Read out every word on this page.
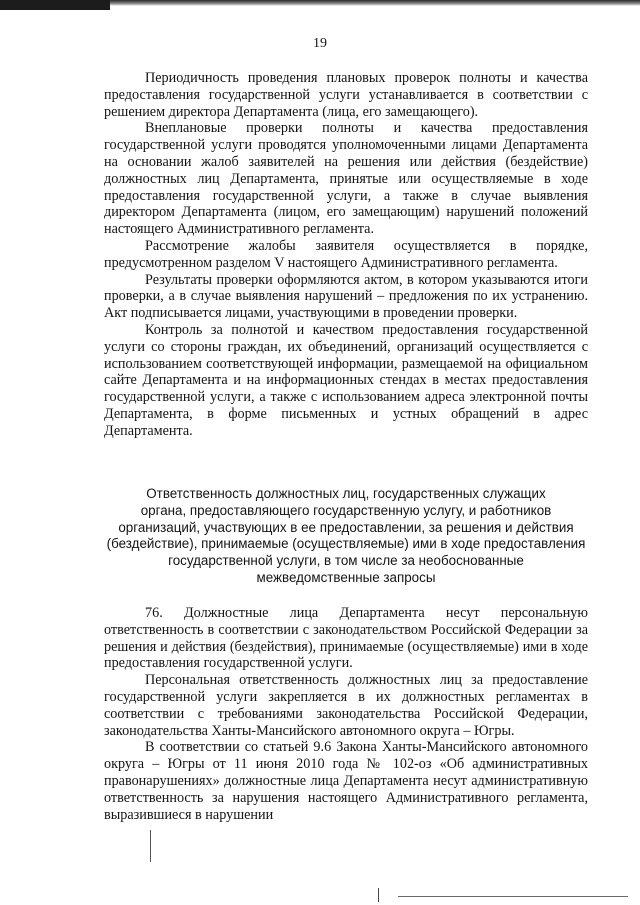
19

Периодичность проведения плановых проверок полноты и качества предоставления государственной услуги устанавливается в соответствии с решением директора Департамента (лица, его замещающего).

Внеплановые проверки полноты и качества предоставления государственной услуги проводятся уполномоченными лицами Департамента на основании жалоб заявителей на решения или действия (бездействие) должностных лиц Департамента, принятые или осуществляемые в ходе предоставления государственной услуги, а также в случае выявления директором Департамента (лицом, его замещающим) нарушений положений настоящего Административного регламента.

Рассмотрение жалобы заявителя осуществляется в порядке, предусмотренном разделом V настоящего Административного регламента.

Результаты проверки оформляются актом, в котором указываются итоги проверки, а в случае выявления нарушений – предложения по их устранению. Акт подписывается лицами, участвующими в проведении проверки.

Контроль за полнотой и качеством предоставления государственной услуги со стороны граждан, их объединений, организаций осуществляется с использованием соответствующей информации, размещаемой на официальном сайте Департамента и на информационных стендах в местах предоставления государственной услуги, а также с использованием адреса электронной почты Департамента, в форме письменных и устных обращений в адрес Департамента.

Ответственность должностных лиц, государственных служащих
органа, предоставляющего государственную услугу, и работников
организаций, участвующих в ее предоставлении, за решения и действия
(бездействие), принимаемые (осуществляемые) ими в ходе предоставления
государственной услуги, в том числе за необоснованные
межведомственные запросы

76. Должностные лица Департамента несут персональную ответственность в соответствии с законодательством Российской Федерации за решения и действия (бездействия), принимаемые (осуществляемые) ими в ходе предоставления государственной услуги.

Персональная ответственность должностных лиц за предоставление государственной услуги закрепляется в их должностных регламентах в соответствии с требованиями законодательства Российской Федерации, законодательства Ханты-Мансийского автономного округа – Югры.

В соответствии со статьей 9.6 Закона Ханты-Мансийского автономного округа – Югры от 11 июня 2010 года № 102-оз «Об административных правонарушениях» должностные лица Департамента несут административную ответственность за нарушения настоящего Административного регламента, выразившиеся в нарушении
